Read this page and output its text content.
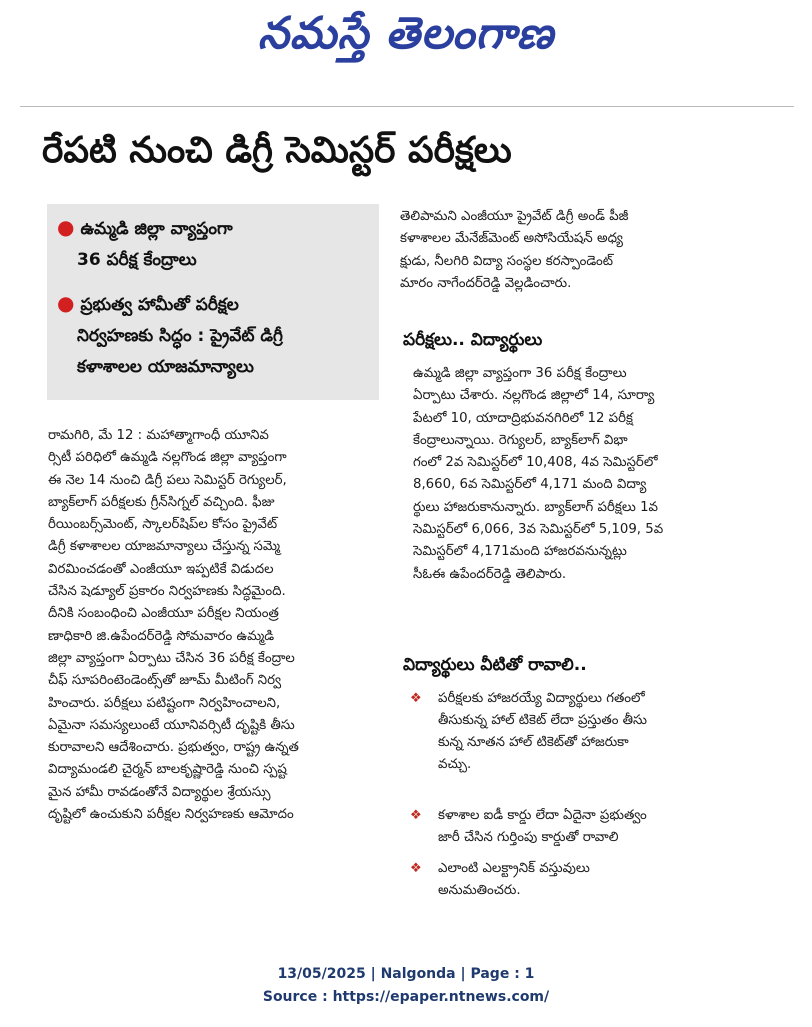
నమస్తే తెలంగాణ
రేపటి నుంచి డిగ్రీ సెమిస్టర్ పరీక్షలు
● ఉమ్మడి జిల్లా వ్యాప్తంగా
36 పరీక్ష కేంద్రాలు
● ప్రభుత్వ హామీతో పరీక్షల
నిర్వహణకు సిద్ధం : ప్రైవేట్ డిగ్రీ
కళాశాలల యాజమాన్యాలు
రామగిరి, మే 12 : మహాత్మాగాంధీ యూనివ
ర్సిటీ పరిధిలో ఉమ్మడి నల్లగొండ జిల్లా వ్యాప్తంగా
ఈ నెల 14 నుంచి డిగ్రీ పలు సెమిస్టర్ రెగ్యులర్,
బ్యాక్‌లాగ్ పరీక్షలకు గ్రీన్‌సిగ్నల్ వచ్చింది. ఫీజు
రీయింబర్స్‌మెంట్, స్కాలర్‌షిప్‌ల కోసం ప్రైవేట్
డిగ్రీ కళాశాలల యాజమాన్యాలు చేస్తున్న సమ్మె
విరమించడంతో ఎంజీయూ ఇప్పటికే విడుదల
చేసిన షెడ్యూల్ ప్రకారం నిర్వహణకు సిద్ధమైంది.
దీనికి సంబంధించి ఎంజీయూ పరీక్షల నియంత్ర
ణాధికారి జి.ఉపేందర్‌రెడ్డి సోమవారం ఉమ్మడి
జిల్లా వ్యాప్తంగా ఏర్పాటు చేసిన 36 పరీక్ష కేంద్రాల
చీఫ్ సూపరింటెండెంట్స్‌తో జూమ్ మీటింగ్ నిర్వ
హించారు. పరీక్షలు పటిష్టంగా నిర్వహించాలని,
ఏమైనా సమస్యలుంటే యూనివర్సిటీ దృష్టికి తీసు
కురావాలని ఆదేశించారు. ప్రభుత్వం, రాష్ట్ర ఉన్నత
విద్యామండలి చైర్మన్ బాలకృష్ణారెడ్డి నుంచి స్పష్ట
మైన హామీ రావడంతోనే విద్యార్థుల శ్రేయస్సు
దృష్టిలో ఉంచుకుని పరీక్షల నిర్వహణకు ఆమోదం
తెలిపామని ఎంజీయూ ప్రైవేట్ డిగ్రీ అండ్ పీజీ
కళాశాలల మేనేజ్‌మెంట్ అసోసియేషన్ అధ్య
క్షుడు, నీలగిరి విద్యా సంస్థల కరస్పాండెంట్
మారం నాగేందర్‌రెడ్డి వెల్లడించారు.
పరీక్షలు.. విద్యార్థులు
ఉమ్మడి జిల్లా వ్యాప్తంగా 36 పరీక్ష కేంద్రాలు
ఏర్పాటు చేశారు. నల్లగొండ జిల్లాలో 14, సూర్యా
పేటలో 10, యాదాద్రిభువనగిరిలో 12 పరీక్ష
కేంద్రాలున్నాయి. రెగ్యులర్, బ్యాక్‌లాగ్ విభా
గంలో 2వ సెమిస్టర్‌లో 10,408, 4వ సెమిస్టర్‌లో
8,660, 6వ సెమిస్టర్‌లో 4,171 మంది విద్యా
ర్థులు హాజరుకానున్నారు. బ్యాక్‌లాగ్ పరీక్షలు 1వ
సెమిస్టర్‌లో 6,066, 3వ సెమిస్టర్‌లో 5,109, 5వ
సెమిస్టర్‌లో 4,171మంది హాజరవనున్నట్లు
సీఓఈ ఉపేందర్‌రెడ్డి తెలిపారు.
విద్యార్థులు వీటితో రావాలి..
❖ పరీక్షలకు హాజరయ్యే విద్యార్థులు గతంలో
తీసుకున్న హాల్ టికెట్ లేదా ప్రస్తుతం తీసు
కున్న నూతన హాల్ టికెట్‌తో హాజరుకా
వచ్చు.
❖ కళాశాల ఐడీ కార్డు లేదా ఏదైనా ప్రభుత్వం
జారీ చేసిన గుర్తింపు కార్డుతో రావాలి
❖ ఎలాంటి ఎలక్ట్రానిక్ వస్తువులు
అనుమతించరు.
13/05/2025 | Nalgonda | Page : 1
Source : https://epaper.ntnews.com/
